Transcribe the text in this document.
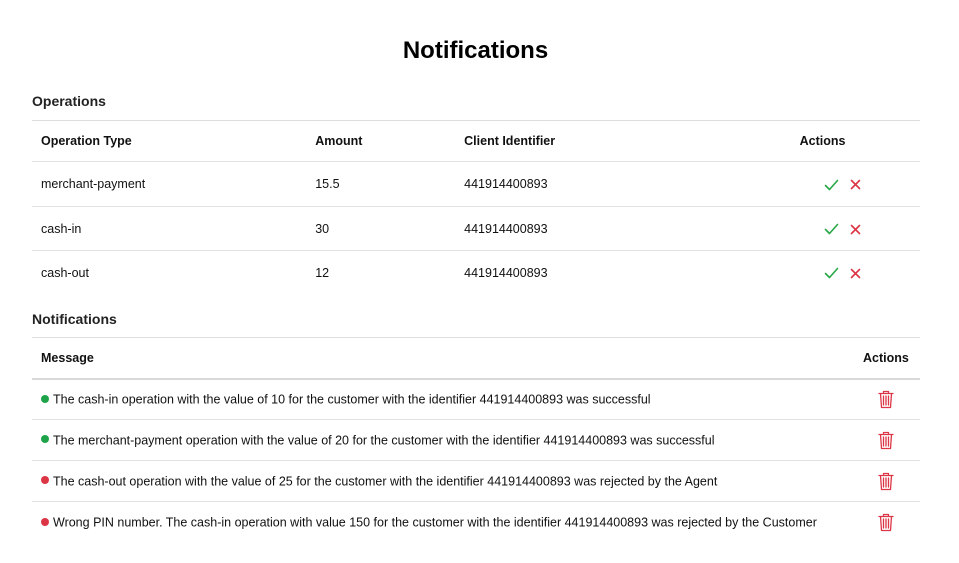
Notifications
Operations
Operation Type	Amount	Client Identifier	Actions
merchant-payment	15.5	441914400893	
cash-in	30	441914400893	
cash-out	12	441914400893	
Notifications
Message	Actions
The cash-in operation with the value of 10 for the customer with the identifier 441914400893 was successful	
The merchant-payment operation with the value of 20 for the customer with the identifier 441914400893 was successful	
The cash-out operation with the value of 25 for the customer with the identifier 441914400893 was rejected by the Agent	
Wrong PIN number. The cash-in operation with value 150 for the customer with the identifier 441914400893 was rejected by the Customer	
